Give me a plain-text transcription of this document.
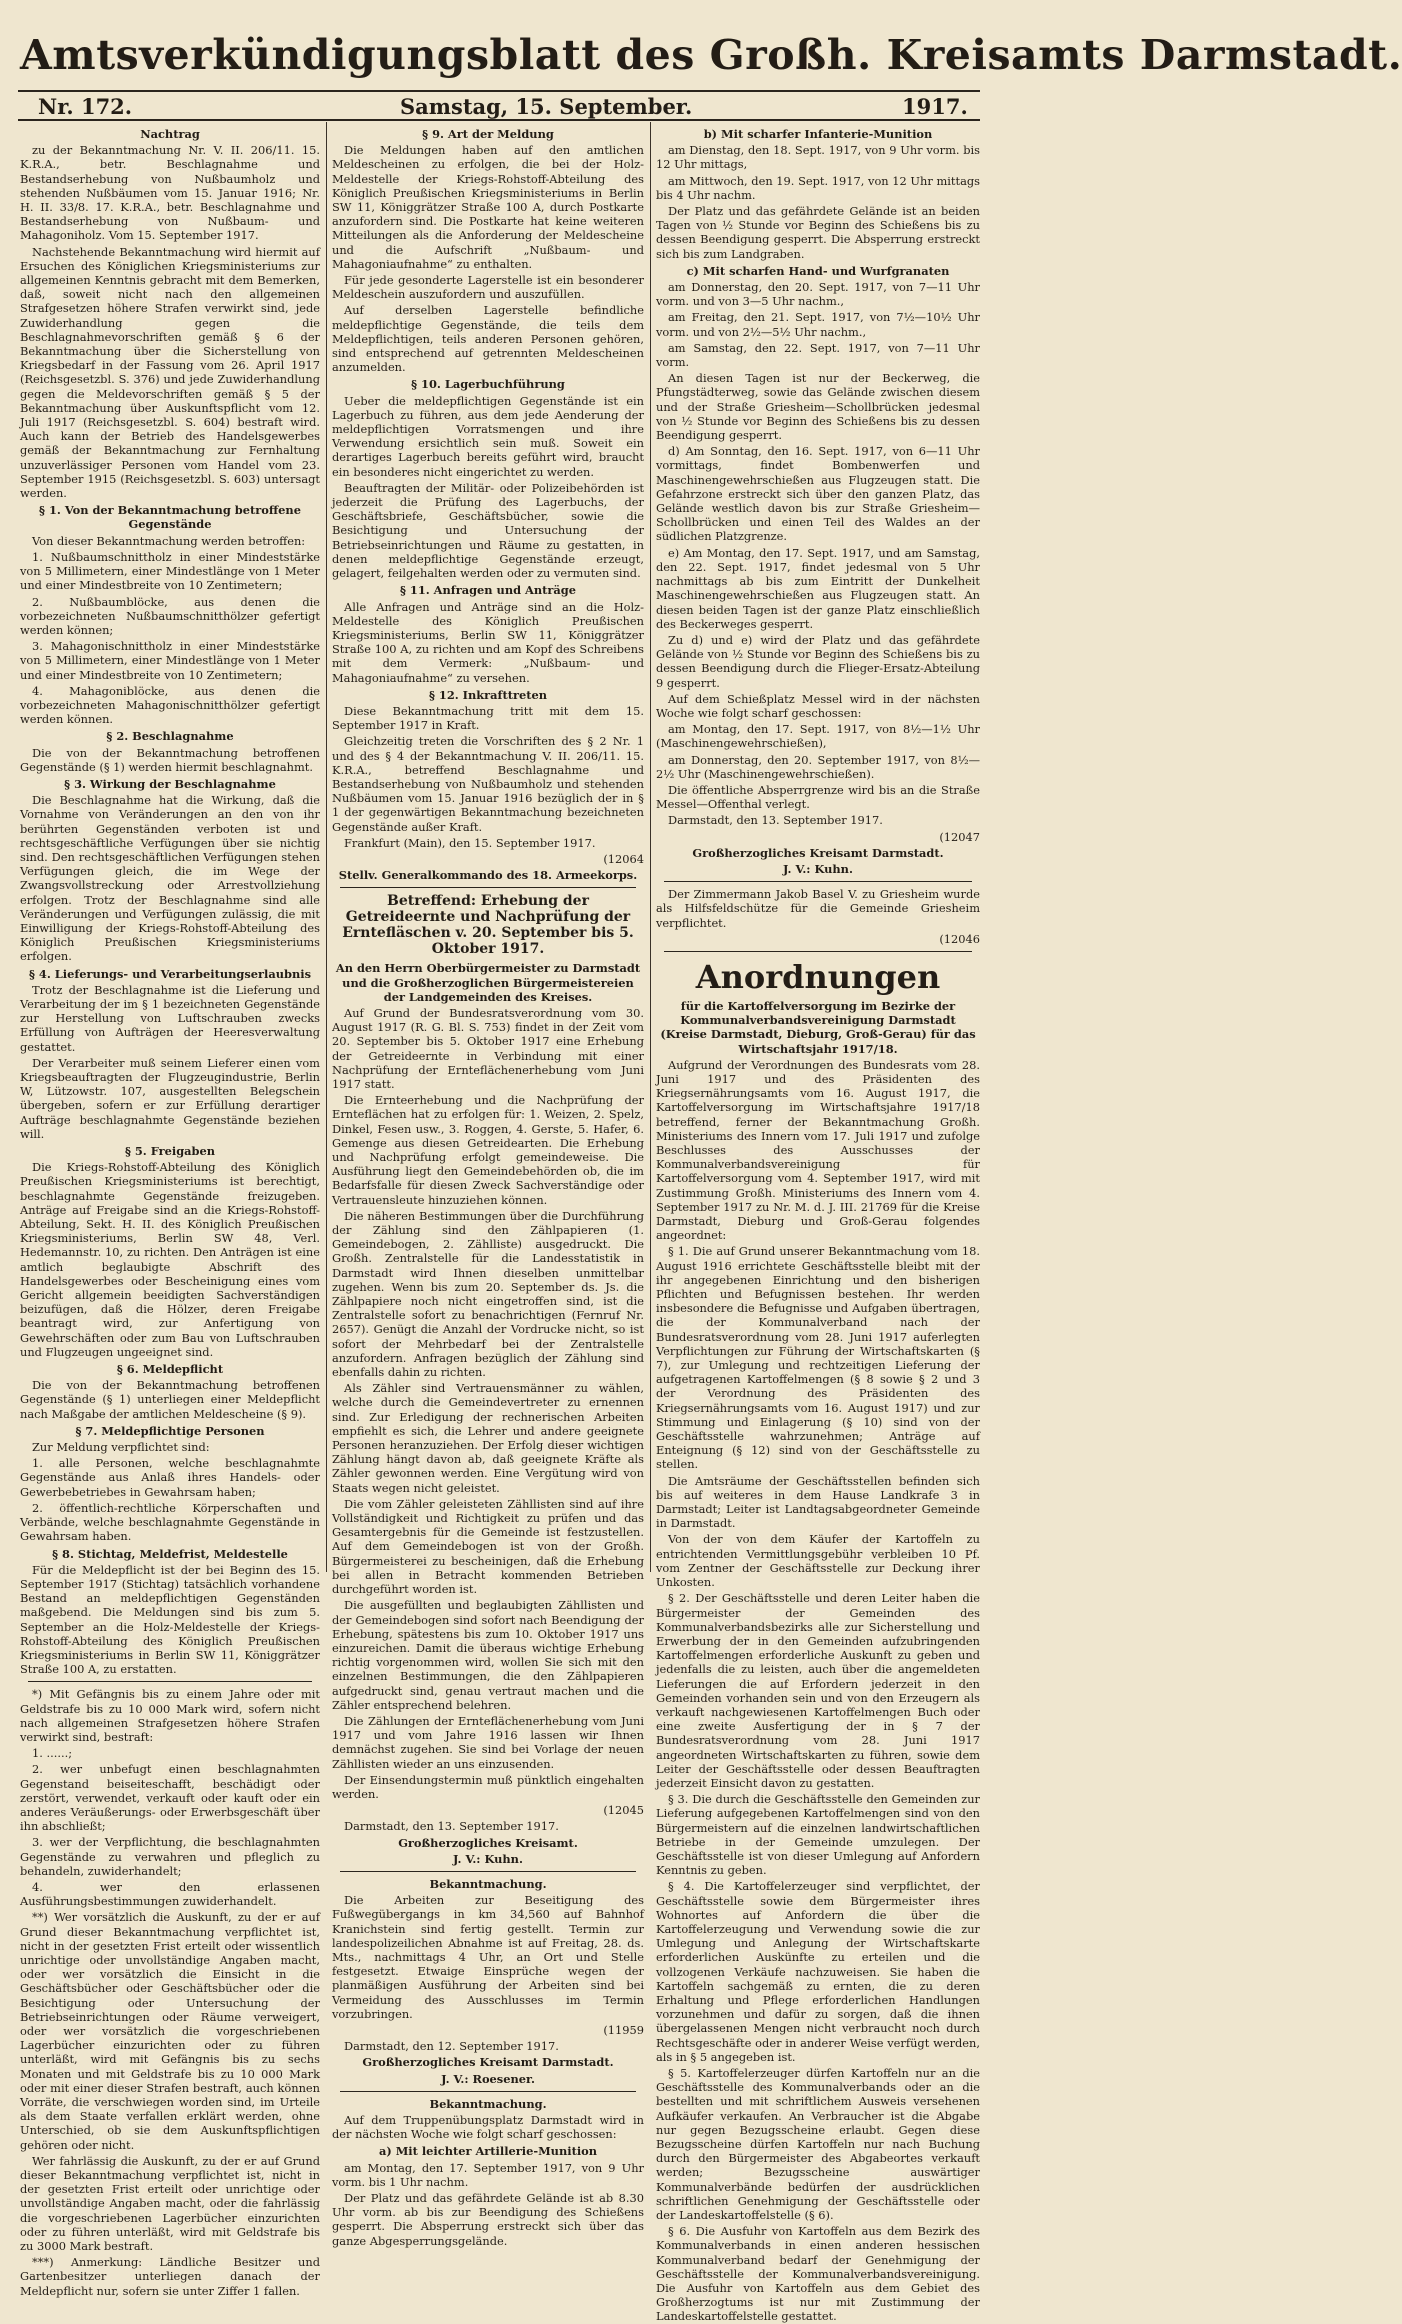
Amtsverkündigungsblatt des Großh. Kreisamts Darmstadt.
Nr. 172.	Samstag, 15. September.	1917.

Nachtrag

zu der Bekanntmachung Nr. V. II. 206/11. 15. K.R.A., betr. Beschlagnahme und Bestandserhebung von Nußbaumholz und stehenden Nußbäumen vom 15. Januar 1916; Nr. H. II. 33/8. 17. K.R.A., betr. Beschlagnahme und Bestandserhebung von Nußbaum- und Mahagoniholz. Vom 15. September 1917.

Nachstehende Bekanntmachung wird hiermit auf Ersuchen des Königlichen Kriegsministeriums zur allgemeinen Kenntnis gebracht mit dem Bemerken, daß, soweit nicht nach den allgemeinen Strafgesetzen höhere Strafen verwirkt sind, jede Zuwiderhandlung gegen die Beschlagnahmevorschriften gemäß § 6 der Bekanntmachung über die Sicherstellung von Kriegsbedarf in der Fassung vom 26. April 1917 (Reichsgesetzbl. S. 376) und jede Zuwiderhandlung gegen die Meldevorschriften gemäß § 5 der Bekanntmachung über Auskunftspflicht vom 12. Juli 1917 (Reichsgesetzbl. S. 604) bestraft wird. Auch kann der Betrieb des Handelsgewerbes gemäß der Bekanntmachung zur Fernhaltung unzuverlässiger Personen vom Handel vom 23. September 1915 (Reichsgesetzbl. S. 603) untersagt werden.

§ 1. Von der Bekanntmachung betroffene Gegenstände

Von dieser Bekanntmachung werden betroffen:

1. Nußbaumschnittholz in einer Mindeststärke von 5 Millimetern, einer Mindestlänge von 1 Meter und einer Mindestbreite von 10 Zentimetern;

2. Nußbaumblöcke, aus denen die vorbezeichneten Nußbaumschnitthölzer gefertigt werden können;

3. Mahagonischnittholz in einer Mindeststärke von 5 Millimetern, einer Mindestlänge von 1 Meter und einer Mindestbreite von 10 Zentimetern;

4. Mahagoniblöcke, aus denen die vorbezeichneten Mahagonischnitthölzer gefertigt werden können.

§ 2. Beschlagnahme

Die von der Bekanntmachung betroffenen Gegenstände (§ 1) werden hiermit beschlagnahmt.

§ 3. Wirkung der Beschlagnahme

Die Beschlagnahme hat die Wirkung, daß die Vornahme von Veränderungen an den von ihr berührten Gegenständen verboten ist und rechtsgeschäftliche Verfügungen über sie nichtig sind. Den rechtsgeschäftlichen Verfügungen stehen Verfügungen gleich, die im Wege der Zwangsvollstreckung oder Arrestvollziehung erfolgen. Trotz der Beschlagnahme sind alle Veränderungen und Verfügungen zulässig, die mit Einwilligung der Kriegs-Rohstoff-Abteilung des Königlich Preußischen Kriegsministeriums erfolgen.

§ 4. Lieferungs- und Verarbeitungserlaubnis

Trotz der Beschlagnahme ist die Lieferung und Verarbeitung der im § 1 bezeichneten Gegenstände zur Herstellung von Luftschrauben zwecks Erfüllung von Aufträgen der Heeresverwaltung gestattet.

Der Verarbeiter muß seinem Lieferer einen vom Kriegsbeauftragten der Flugzeugindustrie, Berlin W, Lützowstr. 107, ausgestellten Belegschein übergeben, sofern er zur Erfüllung derartiger Aufträge beschlagnahmte Gegenstände beziehen will.

§ 5. Freigaben

Die Kriegs-Rohstoff-Abteilung des Königlich Preußischen Kriegsministeriums ist berechtigt, beschlagnahmte Gegenstände freizugeben. Anträge auf Freigabe sind an die Kriegs-Rohstoff-Abteilung, Sekt. H. II. des Königlich Preußischen Kriegsministeriums, Berlin SW 48, Verl. Hedemannstr. 10, zu richten. Den Anträgen ist eine amtlich beglaubigte Abschrift des Handelsgewerbes oder Bescheinigung eines vom Gericht allgemein beeidigten Sachverständigen beizufügen, daß die Hölzer, deren Freigabe beantragt wird, zur Anfertigung von Gewehrschäften oder zum Bau von Luftschrauben und Flugzeugen ungeeignet sind.

§ 6. Meldepflicht

Die von der Bekanntmachung betroffenen Gegenstände (§ 1) unterliegen einer Meldepflicht nach Maßgabe der amtlichen Meldescheine (§ 9).

§ 7. Meldepflichtige Personen

Zur Meldung verpflichtet sind:

1. alle Personen, welche beschlagnahmte Gegenstände aus Anlaß ihres Handels- oder Gewerbebetriebes in Gewahrsam haben;

2. öffentlich-rechtliche Körperschaften und Verbände, welche beschlagnahmte Gegenstände in Gewahrsam haben.

§ 8. Stichtag, Meldefrist, Meldestelle

Für die Meldepflicht ist der bei Beginn des 15. September 1917 (Stichtag) tatsächlich vorhandene Bestand an meldepflichtigen Gegenständen maßgebend. Die Meldungen sind bis zum 5. September an die Holz-Meldestelle der Kriegs-Rohstoff-Abteilung des Königlich Preußischen Kriegsministeriums in Berlin SW 11, Königgrätzer Straße 100 A, zu erstatten.

*) Mit Gefängnis bis zu einem Jahre oder mit Geldstrafe bis zu 10 000 Mark wird, sofern nicht nach allgemeinen Strafgesetzen höhere Strafen verwirkt sind, bestraft:

1. ......;

2. wer unbefugt einen beschlagnahmten Gegenstand beiseiteschafft, beschädigt oder zerstört, verwendet, verkauft oder kauft oder ein anderes Veräußerungs- oder Erwerbsgeschäft über ihn abschließt;

3. wer der Verpflichtung, die beschlagnahmten Gegenstände zu verwahren und pfleglich zu behandeln, zuwiderhandelt;

4. wer den erlassenen Ausführungsbestimmungen zuwiderhandelt.

**) Wer vorsätzlich die Auskunft, zu der er auf Grund dieser Bekanntmachung verpflichtet ist, nicht in der gesetzten Frist erteilt oder wissentlich unrichtige oder unvollständige Angaben macht, oder wer vorsätzlich die Einsicht in die Geschäftsbücher oder Geschäftsbücher oder die Besichtigung oder Untersuchung der Betriebseinrichtungen oder Räume verweigert, oder wer vorsätzlich die vorgeschriebenen Lagerbücher einzurichten oder zu führen unterläßt, wird mit Gefängnis bis zu sechs Monaten und mit Geldstrafe bis zu 10 000 Mark oder mit einer dieser Strafen bestraft, auch können Vorräte, die verschwiegen worden sind, im Urteile als dem Staate verfallen erklärt werden, ohne Unterschied, ob sie dem Auskunftspflichtigen gehören oder nicht.

Wer fahrlässig die Auskunft, zu der er auf Grund dieser Bekanntmachung verpflichtet ist, nicht in der gesetzten Frist erteilt oder unrichtige oder unvollständige Angaben macht, oder die fahrlässig die vorgeschriebenen Lagerbücher einzurichten oder zu führen unterläßt, wird mit Geldstrafe bis zu 3000 Mark bestraft.

***) Anmerkung: Ländliche Besitzer und Gartenbesitzer unterliegen danach der Meldepflicht nur, sofern sie unter Ziffer 1 fallen.

§ 9. Art der Meldung

Die Meldungen haben auf den amtlichen Meldescheinen zu erfolgen, die bei der Holz-Meldestelle der Kriegs-Rohstoff-Abteilung des Königlich Preußischen Kriegsministeriums in Berlin SW 11, Königgrätzer Straße 100 A, durch Postkarte anzufordern sind. Die Postkarte hat keine weiteren Mitteilungen als die Anforderung der Meldescheine und die Aufschrift „Nußbaum- und Mahagoniaufnahme“ zu enthalten.

Für jede gesonderte Lagerstelle ist ein besonderer Meldeschein auszufordern und auszufüllen.

Auf derselben Lagerstelle befindliche meldepflichtige Gegenstände, die teils dem Meldepflichtigen, teils anderen Personen gehören, sind entsprechend auf getrennten Meldescheinen anzumelden.

§ 10. Lagerbuchführung

Ueber die meldepflichtigen Gegenstände ist ein Lagerbuch zu führen, aus dem jede Aenderung der meldepflichtigen Vorratsmengen und ihre Verwendung ersichtlich sein muß. Soweit ein derartiges Lagerbuch bereits geführt wird, braucht ein besonderes nicht eingerichtet zu werden.

Beauftragten der Militär- oder Polizeibehörden ist jederzeit die Prüfung des Lagerbuchs, der Geschäftsbriefe, Geschäftsbücher, sowie die Besichtigung und Untersuchung der Betriebseinrichtungen und Räume zu gestatten, in denen meldepflichtige Gegenstände erzeugt, gelagert, feilgehalten werden oder zu vermuten sind.

§ 11. Anfragen und Anträge

Alle Anfragen und Anträge sind an die Holz-Meldestelle des Königlich Preußischen Kriegsministeriums, Berlin SW 11, Königgrätzer Straße 100 A, zu richten und am Kopf des Schreibens mit dem Vermerk: „Nußbaum- und Mahagoniaufnahme“ zu versehen.

§ 12. Inkrafttreten

Diese Bekanntmachung tritt mit dem 15. September 1917 in Kraft.

Gleichzeitig treten die Vorschriften des § 2 Nr. 1 und des § 4 der Bekanntmachung V. II. 206/11. 15. K.R.A., betreffend Beschlagnahme und Bestandserhebung von Nußbaumholz und stehenden Nußbäumen vom 15. Januar 1916 bezüglich der in § 1 der gegenwärtigen Bekanntmachung bezeichneten Gegenstände außer Kraft.

Frankfurt (Main), den 15. September 1917.

(12064

Stellv. Generalkommando des 18. Armeekorps.

Betreffend: Erhebung der Getreideernte und Nachprüfung der Erntefläschen v. 20. September bis 5. Oktober 1917.

An den Herrn Oberbürgermeister zu Darmstadt und die Großherzoglichen Bürgermeistereien der Landgemeinden des Kreises.

Auf Grund der Bundesratsverordnung vom 30. August 1917 (R. G. Bl. S. 753) findet in der Zeit vom 20. September bis 5. Oktober 1917 eine Erhebung der Getreideernte in Verbindung mit einer Nachprüfung der Ernteflächenerhebung vom Juni 1917 statt.

Die Ernteerhebung und die Nachprüfung der Ernteflächen hat zu erfolgen für: 1. Weizen, 2. Spelz, Dinkel, Fesen usw., 3. Roggen, 4. Gerste, 5. Hafer, 6. Gemenge aus diesen Getreidearten. Die Erhebung und Nachprüfung erfolgt gemeindeweise. Die Ausführung liegt den Gemeindebehörden ob, die im Bedarfsfalle für diesen Zweck Sachverständige oder Vertrauensleute hinzuziehen können.

Die näheren Bestimmungen über die Durchführung der Zählung sind den Zählpapieren (1. Gemeindebogen, 2. Zählliste) ausgedruckt. Die Großh. Zentralstelle für die Landesstatistik in Darmstadt wird Ihnen dieselben unmittelbar zugehen. Wenn bis zum 20. September ds. Js. die Zählpapiere noch nicht eingetroffen sind, ist die Zentralstelle sofort zu benachrichtigen (Fernruf Nr. 2657). Genügt die Anzahl der Vordrucke nicht, so ist sofort der Mehrbedarf bei der Zentralstelle anzufordern. Anfragen bezüglich der Zählung sind ebenfalls dahin zu richten.

Als Zähler sind Vertrauensmänner zu wählen, welche durch die Gemeindevertreter zu ernennen sind. Zur Erledigung der rechnerischen Arbeiten empfiehlt es sich, die Lehrer und andere geeignete Personen heranzuziehen. Der Erfolg dieser wichtigen Zählung hängt davon ab, daß geeignete Kräfte als Zähler gewonnen werden. Eine Vergütung wird von Staats wegen nicht geleistet.

Die vom Zähler geleisteten Zähllisten sind auf ihre Vollständigkeit und Richtigkeit zu prüfen und das Gesamtergebnis für die Gemeinde ist festzustellen. Auf dem Gemeindebogen ist von der Großh. Bürgermeisterei zu bescheinigen, daß die Erhebung bei allen in Betracht kommenden Betrieben durchgeführt worden ist.

Die ausgefüllten und beglaubigten Zähllisten und der Gemeindebogen sind sofort nach Beendigung der Erhebung, spätestens bis zum 10. Oktober 1917 uns einzureichen. Damit die überaus wichtige Erhebung richtig vorgenommen wird, wollen Sie sich mit den einzelnen Bestimmungen, die den Zählpapieren aufgedruckt sind, genau vertraut machen und die Zähler entsprechend belehren.

Die Zählungen der Ernteflächenerhebung vom Juni 1917 und vom Jahre 1916 lassen wir Ihnen demnächst zugehen. Sie sind bei Vorlage der neuen Zähllisten wieder an uns einzusenden.

Der Einsendungstermin muß pünktlich eingehalten werden.

(12045

Darmstadt, den 13. September 1917.

Großherzogliches Kreisamt.

J. V.: Kuhn.

Bekanntmachung.

Die Arbeiten zur Beseitigung des Fußwegübergangs in km 34,560 auf Bahnhof Kranichstein sind fertig gestellt. Termin zur landespolizeilichen Abnahme ist auf Freitag, 28. ds. Mts., nachmittags 4 Uhr, an Ort und Stelle festgesetzt. Etwaige Einsprüche wegen der planmäßigen Ausführung der Arbeiten sind bei Vermeidung des Ausschlusses im Termin vorzubringen.

(11959

Darmstadt, den 12. September 1917.

Großherzogliches Kreisamt Darmstadt.

J. V.: Roesener.

Bekanntmachung.

Auf dem Truppenübungsplatz Darmstadt wird in der nächsten Woche wie folgt scharf geschossen:

a) Mit leichter Artillerie-Munition

am Montag, den 17. September 1917, von 9 Uhr vorm. bis 1 Uhr nachm.

Der Platz und das gefährdete Gelände ist ab 8.30 Uhr vorm. ab bis zur Beendigung des Schießens gesperrt. Die Absperrung erstreckt sich über das ganze Abgesperrungsgelände.

b) Mit scharfer Infanterie-Munition

am Dienstag, den 18. Sept. 1917, von 9 Uhr vorm. bis 12 Uhr mittags,

am Mittwoch, den 19. Sept. 1917, von 12 Uhr mittags bis 4 Uhr nachm.

Der Platz und das gefährdete Gelände ist an beiden Tagen von ½ Stunde vor Beginn des Schießens bis zu dessen Beendigung gesperrt. Die Absperrung erstreckt sich bis zum Landgraben.

c) Mit scharfen Hand- und Wurfgranaten

am Donnerstag, den 20. Sept. 1917, von 7—11 Uhr vorm. und von 3—5 Uhr nachm.,

am Freitag, den 21. Sept. 1917, von 7½—10½ Uhr vorm. und von 2½—5½ Uhr nachm.,

am Samstag, den 22. Sept. 1917, von 7—11 Uhr vorm.

An diesen Tagen ist nur der Beckerweg, die Pfungstädterweg, sowie das Gelände zwischen diesem und der Straße Griesheim—Schollbrücken jedesmal von ½ Stunde vor Beginn des Schießens bis zu dessen Beendigung gesperrt.

d) Am Sonntag, den 16. Sept. 1917, von 6—11 Uhr vormittags, findet Bombenwerfen und Maschinengewehrschießen aus Flugzeugen statt. Die Gefahrzone erstreckt sich über den ganzen Platz, das Gelände westlich davon bis zur Straße Griesheim—Schollbrücken und einen Teil des Waldes an der südlichen Platzgrenze.

e) Am Montag, den 17. Sept. 1917, und am Samstag, den 22. Sept. 1917, findet jedesmal von 5 Uhr nachmittags ab bis zum Eintritt der Dunkelheit Maschinengewehrschießen aus Flugzeugen statt. An diesen beiden Tagen ist der ganze Platz einschließlich des Beckerweges gesperrt.

Zu d) und e) wird der Platz und das gefährdete Gelände von ½ Stunde vor Beginn des Schießens bis zu dessen Beendigung durch die Flieger-Ersatz-Abteilung 9 gesperrt.

Auf dem Schießplatz Messel wird in der nächsten Woche wie folgt scharf geschossen:

am Montag, den 17. Sept. 1917, von 8½—1½ Uhr (Maschinengewehrschießen),

am Donnerstag, den 20. September 1917, von 8½—2½ Uhr (Maschinengewehrschießen).

Die öffentliche Absperrgrenze wird bis an die Straße Messel—Offenthal verlegt.

Darmstadt, den 13. September 1917.

(12047

Großherzogliches Kreisamt Darmstadt.

J. V.: Kuhn.

Der Zimmermann Jakob Basel V. zu Griesheim wurde als Hilfsfeldschütze für die Gemeinde Griesheim verpflichtet.

(12046

Anordnungen

für die Kartoffelversorgung im Bezirke der Kommunalverbandsvereinigung Darmstadt (Kreise Darmstadt, Dieburg, Groß-Gerau) für das Wirtschaftsjahr 1917/18.

Aufgrund der Verordnungen des Bundesrats vom 28. Juni 1917 und des Präsidenten des Kriegsernährungsamts vom 16. August 1917, die Kartoffelversorgung im Wirtschaftsjahre 1917/18 betreffend, ferner der Bekanntmachung Großh. Ministeriums des Innern vom 17. Juli 1917 und zufolge Beschlusses des Ausschusses der Kommunalverbandsvereinigung für Kartoffelversorgung vom 4. September 1917, wird mit Zustimmung Großh. Ministeriums des Innern vom 4. September 1917 zu Nr. M. d. J. III. 21769 für die Kreise Darmstadt, Dieburg und Groß-Gerau folgendes angeordnet:

§ 1. Die auf Grund unserer Bekanntmachung vom 18. August 1916 errichtete Geschäftsstelle bleibt mit der ihr angegebenen Einrichtung und den bisherigen Pflichten und Befugnissen bestehen. Ihr werden insbesondere die Befugnisse und Aufgaben übertragen, die der Kommunalverband nach der Bundesratsverordnung vom 28. Juni 1917 auferlegten Verpflichtungen zur Führung der Wirtschaftskarten (§ 7), zur Umlegung und rechtzeitigen Lieferung der aufgetragenen Kartoffelmengen (§ 8 sowie § 2 und 3 der Verordnung des Präsidenten des Kriegsernährungsamts vom 16. August 1917) und zur Stimmung und Einlagerung (§ 10) sind von der Geschäftsstelle wahrzunehmen; Anträge auf Enteignung (§ 12) sind von der Geschäftsstelle zu stellen.

Die Amtsräume der Geschäftsstellen befinden sich bis auf weiteres in dem Hause Landkrafe 3 in Darmstadt; Leiter ist Landtagsabgeordneter Gemeinde in Darmstadt.

Von der von dem Käufer der Kartoffeln zu entrichtenden Vermittlungsgebühr verbleiben 10 Pf. vom Zentner der Geschäftsstelle zur Deckung ihrer Unkosten.

§ 2. Der Geschäftsstelle und deren Leiter haben die Bürgermeister der Gemeinden des Kommunalverbandsbezirks alle zur Sicherstellung und Erwerbung der in den Gemeinden aufzubringenden Kartoffelmengen erforderliche Auskunft zu geben und jedenfalls die zu leisten, auch über die angemeldeten Lieferungen die auf Erfordern jederzeit in den Gemeinden vorhanden sein und von den Erzeugern als verkauft nachgewiesenen Kartoffelmengen Buch oder eine zweite Ausfertigung der in § 7 der Bundesratsverordnung vom 28. Juni 1917 angeordneten Wirtschaftskarten zu führen, sowie dem Leiter der Geschäftsstelle oder dessen Beauftragten jederzeit Einsicht davon zu gestatten.

§ 3. Die durch die Geschäftsstelle den Gemeinden zur Lieferung aufgegebenen Kartoffelmengen sind von den Bürgermeistern auf die einzelnen landwirtschaftlichen Betriebe in der Gemeinde umzulegen. Der Geschäftsstelle ist von dieser Umlegung auf Anfordern Kenntnis zu geben.

§ 4. Die Kartoffelerzeuger sind verpflichtet, der Geschäftsstelle sowie dem Bürgermeister ihres Wohnortes auf Anfordern die über die Kartoffelerzeugung und Verwendung sowie die zur Umlegung und Anlegung der Wirtschaftskarte erforderlichen Auskünfte zu erteilen und die vollzogenen Verkäufe nachzuweisen. Sie haben die Kartoffeln sachgemäß zu ernten, die zu deren Erhaltung und Pflege erforderlichen Handlungen vorzunehmen und dafür zu sorgen, daß die ihnen übergelassenen Mengen nicht verbraucht noch durch Rechtsgeschäfte oder in anderer Weise verfügt werden, als in § 5 angegeben ist.

§ 5. Kartoffelerzeuger dürfen Kartoffeln nur an die Geschäftsstelle des Kommunalverbands oder an die bestellten und mit schriftlichem Ausweis versehenen Aufkäufer verkaufen. An Verbraucher ist die Abgabe nur gegen Bezugsscheine erlaubt. Gegen diese Bezugsscheine dürfen Kartoffeln nur nach Buchung durch den Bürgermeister des Abgabeortes verkauft werden; Bezugsscheine auswärtiger Kommunalverbände bedürfen der ausdrücklichen schriftlichen Genehmigung der Geschäftsstelle oder der Landeskartoffelstelle (§ 6).

§ 6. Die Ausfuhr von Kartoffeln aus dem Bezirk des Kommunalverbands in einen anderen hessischen Kommunalverband bedarf der Genehmigung der Geschäftsstelle der Kommunalverbandsvereinigung. Die Ausfuhr von Kartoffeln aus dem Gebiet des Großherzogtums ist nur mit Zustimmung der Landeskartoffelstelle gestattet.
